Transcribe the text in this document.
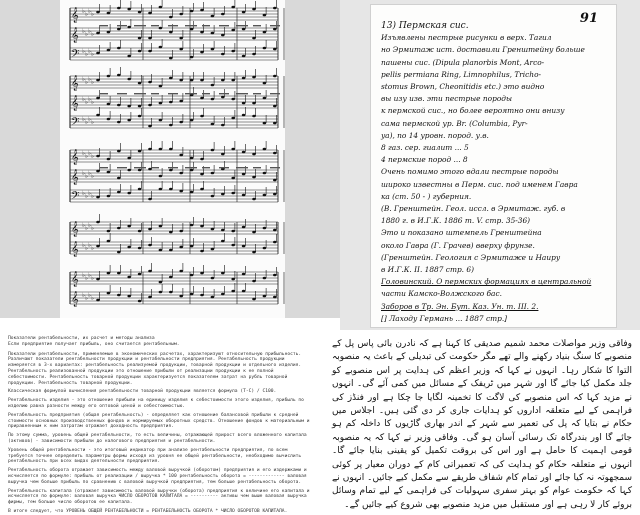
𝄞 ♭ ♭ ♭ ♭
𝄞 ♭ ♭ ♭ ♭
𝄢 ♭ ♭ ♭ ♭
𝄞 ♭ ♭ ♭ ♭
𝄞 ♭ ♭ ♭ ♭
𝄢 ♭ ♭ ♭ ♭
𝄞 ♭ ♭ ♭ ♭
𝄞 ♭ ♭ ♭ ♭
𝄢 ♭ ♭ ♭ ♭
𝄞 ♭ ♭ ♭ ♭
𝄞 ♭ ♭ ♭ ♭
𝄞 ♭ ♭ ♭ ♭
𝄞 ♭ ♭ ♭ ♭
91
13) Пермская сис.
Изъявлены пестрые рисунки в верх. Тагил
нo Эрмитаж ист. доставили Гренштейну больше
пашены сис. (Dipula planorbis Mont, Arco-
pellis permiana Ring, Limnophilus, Tricho-
stomus Brown, Cheonitidis etc.) это видно
вы изу изв. эти пестрые породы
к пермской сис., но более вероятно они внизу
сама пермской ур. Br. (Columbia, Pyr-
ya), по 14 уровн. пород. у.в.
8 газ. сер. гиалит ... 5
4 пермские пород ... 8
Очень помимо этого вдали пестрые породы
широко известны в Перм. сис. под именем Гавра
ка (ст. 50 - ) губерния.
(В. Гренштейн. Геол. иссл. в Эрмитаж. губ. в
1880 г. в И.Г.К. 1886 т. V. стр. 35-36)
Это и показано штемпель Гренштейна
около Гавра (Г. Грачев) вверху фрунзе.
(Гренштейн. Геология с Эрмитаже и Наиру
в И.Г.К. II. 1887 стр. 6)
Головинский. О пермских формациях в центральной
части Камско-Волжского бас.
Заборов в Тр. Эн. Бут. Каз. Ун. т. III. 2.
[] Лаходу Германь ... 1887 стр.]

Показатели рентабельности, их расчет и методы анализа
Если предприятие получает прибыль, оно считается рентабельным.

Показатели рентабельности, применяемые в экономических расчетах, характеризуют относительную прибыльность. Различают показатели рентабельности продукции и рентабельности предприятия. Рентабельность продукции измеряется в 3-х вариантах: рентабельность реализуемой продукции, товарной продукции и отдельного изделия. Рентабельность реализованной продукции это отношение прибыли от реализации продукции к ее полной себестоимости. Рентабельность товарной продукции характеризуется показателем затрат на рубль товарной продукции. Рентабельность товарной продукции.

Классическая формулой вычисления рентабельности товарной продукции является формула (Т-С) / С100.

Рентабельность изделия - это отношение прибыли на единицу изделия к себестоимости этого изделия, прибыль по изделию равна разности между его оптовой ценой и себестоимостью.

Рентабельность предприятия (общая рентабельность) - определяет как отношение балансовой прибыли к средней стоимости основных производственных фондов и нормируемых оборотных средств. Отношение фондов к материальным и приравненным к ним затратам отражает доходность предприятия.

По этому сумма, уровень общей рентабельности, то есть величины, отражающей прирост всего вложенного капитала (активов) - зависимости прибыли до налогового предприятия и рентабельности.

Уровень общей рентабельности - это итоговый индикатор при анализе рентабельности предприятия, по всем требуется точнее определить параметры формы исходя из уровня ее общей рентабельности, необходимо вычислить рентабельность при всех видах деятельности предприятия.

Рентабельность оборота отражает зависимость между валовой выручкой (оборотом) предприятия и его издержками и исчисляется по формуле: прибыль от реализации / выручка * 100 рентабельность оборота = ------------- валовая выручка чем больше прибыль по сравнению с валовой выручкой предприятия, тем больше рентабельность оборота.

Рентабельность капитала (отражает зависимость валовой выручки (оборота) предприятия к величине его капитала и исчисляется по формуле: валовая выручка ЧИСЛО ОБОРОТОВ КАПИТАЛА = ---------- активы чем выше валовая выручка фирмы, тем больше число оборотов ее капитала.

В итоге следует, что УРОВЕНЬ ОБЩЕЙ РЕНТАБЕЛЬНОСТИ = РЕНТАБЕЛЬНОСТЬ ОБОРОТА * ЧИСЛО ОБОРОТОВ КАПИТАЛА.

وفاقی وزیر مواصلات محمد شمیم صدیقی کا کہنا ہے کہ نادرن بائی پاس پل کے منصوبے کا سنگ بنیاد رکھنے والے تھے مگر حکومت کی تبدیلی کے باعث یہ منصوبہ التوا کا شکار رہا۔ انہوں نے کہا کہ وزیر اعظم کی ہدایت پر اس منصوبے کو جلد مکمل کیا جائے گا اور شہر میں ٹریفک کے مسائل میں کمی آئے گی۔ انہوں نے مزید کہا کہ اس منصوبے کی لاگت کا تخمینہ لگایا جا چکا ہے اور فنڈز کی فراہمی کے لیے متعلقہ اداروں کو ہدایات جاری کر دی گئی ہیں۔ اجلاس میں حکام نے بتایا کہ پل کی تعمیر سے شہر کے اندر بھاری گاڑیوں کا داخلہ کم ہو جائے گا اور بندرگاہ تک رسائی آسان ہو گی۔ وفاقی وزیر نے کہا کہ یہ منصوبہ قومی اہمیت کا حامل ہے اور اس کی بروقت تکمیل کو یقینی بنایا جائے گا۔ انہوں نے متعلقہ حکام کو ہدایت کی کہ تعمیراتی کام کے دوران معیار پر کوئی سمجھوتہ نہ کیا جائے اور تمام کام شفاف طریقے سے مکمل کیے جائیں۔ انہوں نے کہا کہ حکومت عوام کو بہتر سفری سہولیات کی فراہمی کے لیے تمام وسائل بروئے کار لا رہی ہے اور مستقبل میں مزید منصوبے بھی شروع کیے جائیں گے۔
